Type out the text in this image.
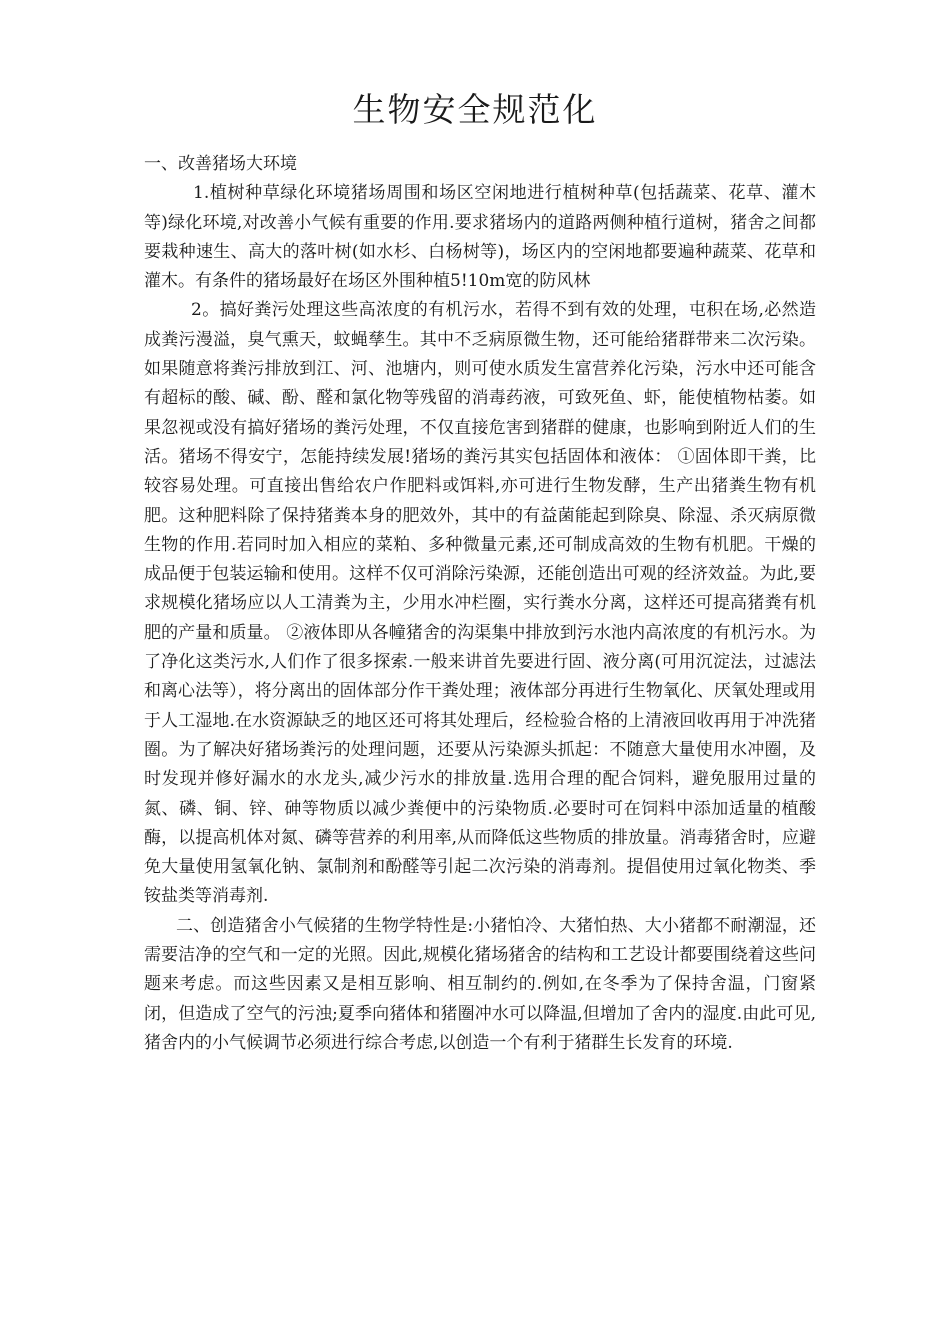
生物安全规范化

一、改善猪场大环境

1.植树种草绿化环境猪场周围和场区空闲地进行植树种草(包括蔬菜、花草、灌木等)绿化环境,对改善小气候有重要的作用.要求猪场内的道路两侧种植行道树，猪舍之间都要栽种速生、高大的落叶树(如水杉、白杨树等)，场区内的空闲地都要遍种蔬菜、花草和灌木。有条件的猪场最好在场区外围种植5!10m宽的防风林

2。搞好粪污处理这些高浓度的有机污水，若得不到有效的处理，屯积在场,必然造成粪污漫溢，臭气熏天，蚊蝇孳生。其中不乏病原微生物，还可能给猪群带来二次污染。如果随意将粪污排放到江、河、池塘内，则可使水质发生富营养化污染，污水中还可能含有超标的酸、碱、酚、醛和氯化物等残留的消毒药液，可致死鱼、虾，能使植物枯萎。如果忽视或没有搞好猪场的粪污处理，不仅直接危害到猪群的健康，也影响到附近人们的生活。猪场不得安宁，怎能持续发展!猪场的粪污其实包括固体和液体： ①固体即干粪，比较容易处理。可直接出售给农户作肥料或饵料,亦可进行生物发酵，生产出猪粪生物有机肥。这种肥料除了保持猪粪本身的肥效外，其中的有益菌能起到除臭、除湿、杀灭病原微生物的作用.若同时加入相应的菜粕、多种微量元素,还可制成高效的生物有机肥。干燥的成品便于包装运输和使用。这样不仅可消除污染源，还能创造出可观的经济效益。为此,要求规模化猪场应以人工清粪为主，少用水冲栏圈，实行粪水分离，这样还可提高猪粪有机肥的产量和质量。 ②液体即从各幢猪舍的沟渠集中排放到污水池内高浓度的有机污水。为了净化这类污水,人们作了很多探索.一般来讲首先要进行固、液分离(可用沉淀法，过滤法和离心法等），将分离出的固体部分作干粪处理；液体部分再进行生物氧化、厌氧处理或用于人工湿地.在水资源缺乏的地区还可将其处理后，经检验合格的上清液回收再用于冲洗猪圈。为了解决好猪场粪污的处理问题，还要从污染源头抓起：不随意大量使用水冲圈，及时发现并修好漏水的水龙头,减少污水的排放量.选用合理的配合饲料，避免服用过量的氮、磷、铜、锌、砷等物质以减少粪便中的污染物质.必要时可在饲料中添加适量的植酸酶，以提高机体对氮、磷等营养的利用率,从而降低这些物质的排放量。消毒猪舍时，应避免大量使用氢氧化钠、氯制剂和酚醛等引起二次污染的消毒剂。提倡使用过氧化物类、季铵盐类等消毒剂.

二、创造猪舍小气候猪的生物学特性是:小猪怕冷、大猪怕热、大小猪都不耐潮湿，还需要洁净的空气和一定的光照。因此,规模化猪场猪舍的结构和工艺设计都要围绕着这些问题来考虑。而这些因素又是相互影响、相互制约的.例如,在冬季为了保持舍温，门窗紧闭，但造成了空气的污浊;夏季向猪体和猪圈冲水可以降温,但增加了舍内的湿度.由此可见,猪舍内的小气候调节必须进行综合考虑,以创造一个有利于猪群生长发育的环境.
